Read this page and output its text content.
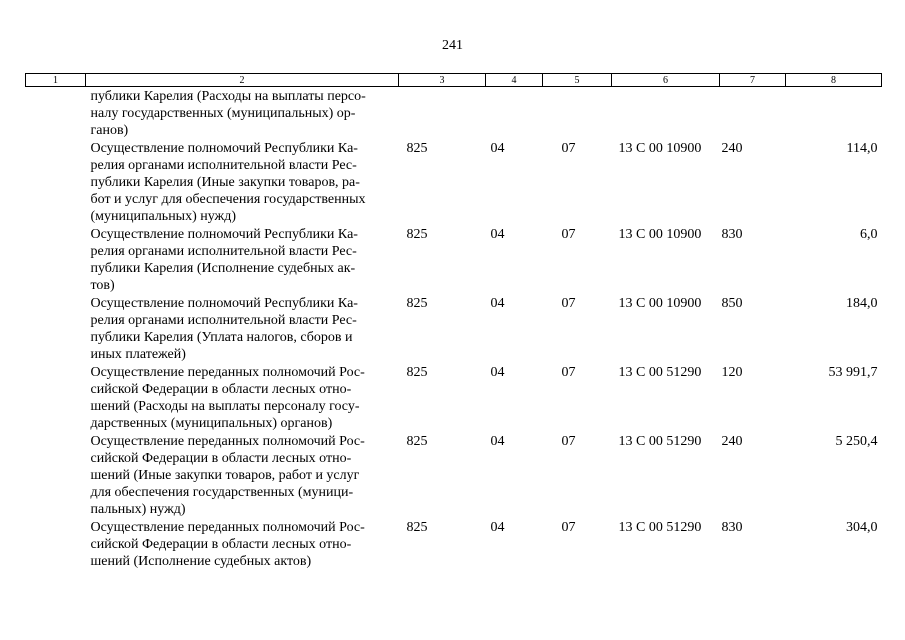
241
1	2	3	4	5	6	7	8
	публики Карелия (Расходы на выплаты персо-
налу государственных (муниципальных) ор-
ганов)						
	Осуществление полномочий Республики Ка-
релия органами исполнительной власти Рес-
публики Карелия (Иные закупки товаров, ра-
бот и услуг для обеспечения государственных
(муниципальных) нужд)	825	04	07	13 С 00 10900	240	114,0
	Осуществление полномочий Республики Ка-
релия органами исполнительной власти Рес-
публики Карелия (Исполнение судебных ак-
тов)	825	04	07	13 С 00 10900	830	6,0
	Осуществление полномочий Республики Ка-
релия органами исполнительной власти Рес-
публики Карелия (Уплата налогов, сборов и
иных платежей)	825	04	07	13 С 00 10900	850	184,0
	Осуществление переданных полномочий Рос-
сийской Федерации в области лесных отно-
шений (Расходы на выплаты персоналу госу-
дарственных (муниципальных) органов)	825	04	07	13 С 00 51290	120	53 991,7
	Осуществление переданных полномочий Рос-
сийской Федерации в области лесных отно-
шений (Иные закупки товаров, работ и услуг
для обеспечения государственных (муници-
пальных) нужд)	825	04	07	13 С 00 51290	240	5 250,4
	Осуществление переданных полномочий Рос-
сийской Федерации в области лесных отно-
шений (Исполнение судебных актов)	825	04	07	13 С 00 51290	830	304,0
